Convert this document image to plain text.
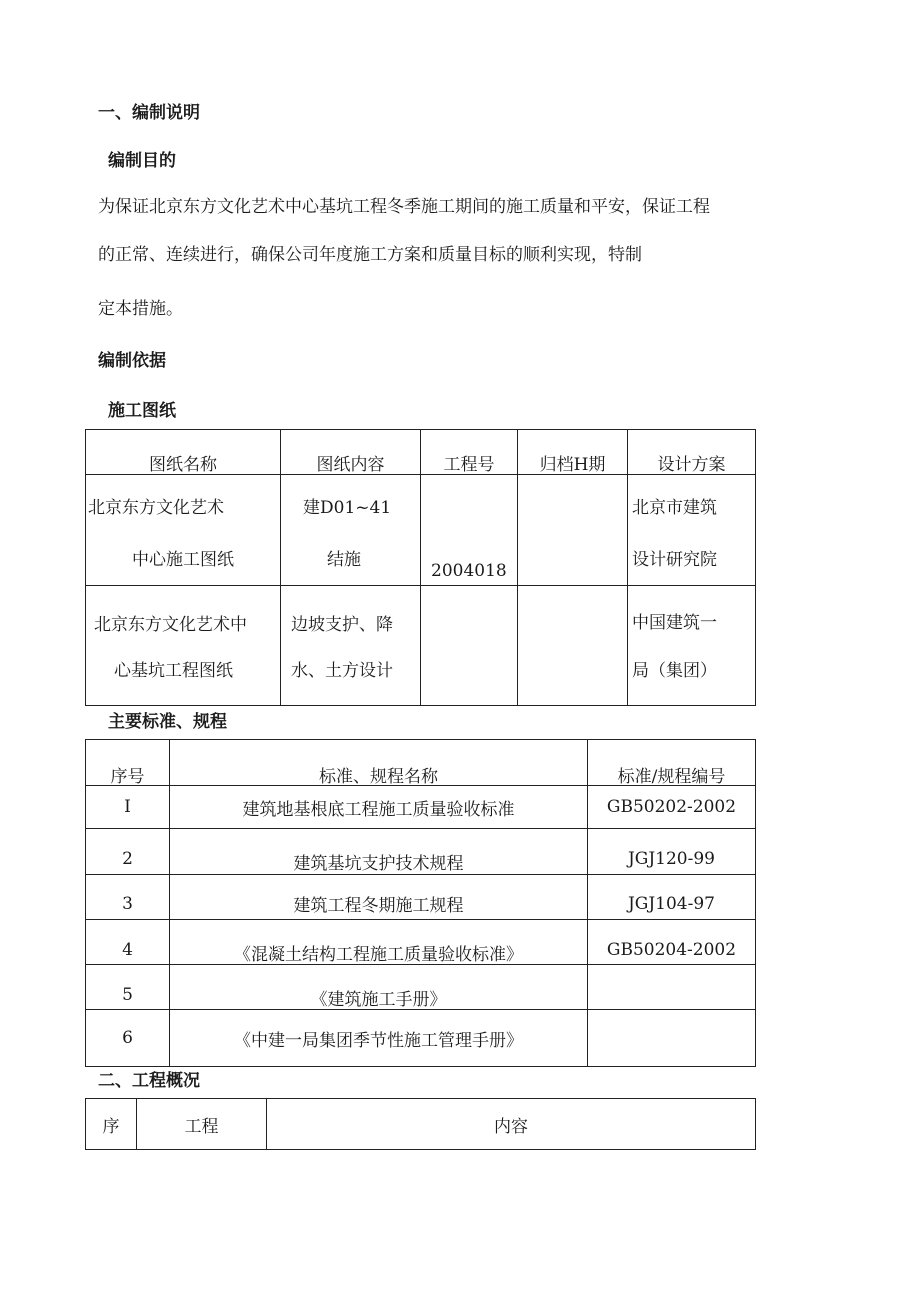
一、编制说明
编制目的
为保证北京东方文化艺术中心基坑工程冬季施工期间的施工质量和平安，保证工程
的正常、连续进行，确保公司年度施工方案和质量目标的顺利实现，特制
定本措施。
编制依据
施工图纸
图纸名称	图纸内容	工程号	归档H期	设计方案

北京东方文化艺术
中心施工图纸	建D01~41
结施	2004018		北京市建筑
设计研究院

北京东方文化艺术中
心基坑工程图纸	边坡支护、降
水、土方设计			中国建筑一
局（集团）
主要标准、规程
序号	标准、规程名称	标准/规程编号

I	建筑地基根底工程施工质量验收标准	GB50202-2002

2	建筑基坑支护技术规程	JGJ120-99

3	建筑工程冬期施工规程	JGJ104-97

4	《混凝土结构工程施工质量验收标准》	GB50204-2002

5	《建筑施工手册》	

6	《中建一局集团季节性施工管理手册》	
二、工程概况
序	工程	内容
